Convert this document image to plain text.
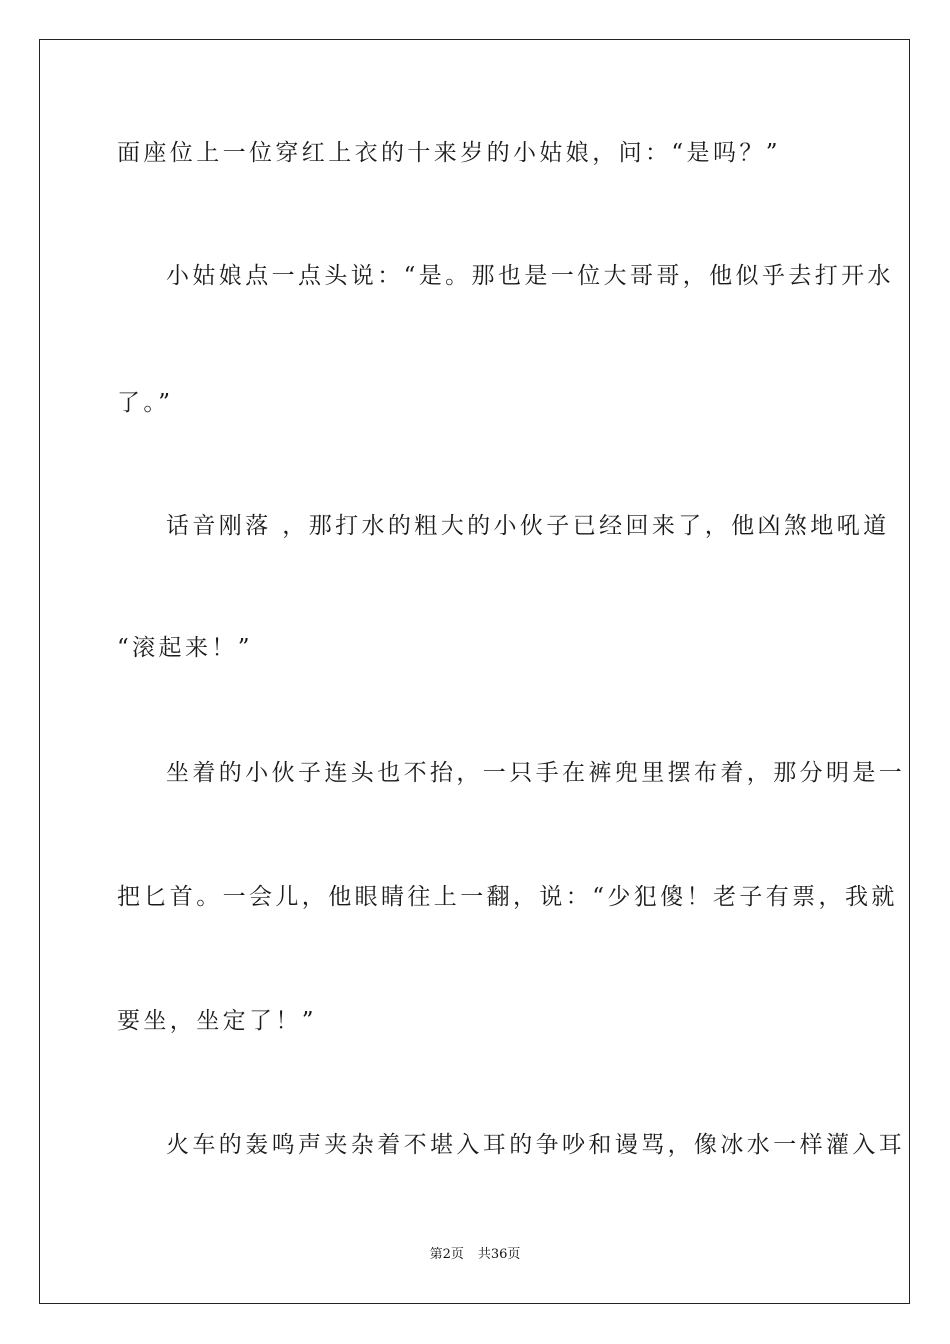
面座位上一位穿红上衣的十来岁的小姑娘，问：“是吗？”
小姑娘点一点头说：“是。那也是一位大哥哥，他似乎去打开水
了。”
话音刚落 ，那打水的粗大的小伙子已经回来了，他凶煞地吼道
“滚起来！”
坐着的小伙子连头也不抬，一只手在裤兜里摆布着，那分明是一
把匕首。一会儿，他眼睛往上一翻，说：“少犯傻！老子有票，我就
要坐，坐定了！”
火车的轰鸣声夹杂着不堪入耳的争吵和谩骂，像冰水一样灌入耳
第2页 共36页
